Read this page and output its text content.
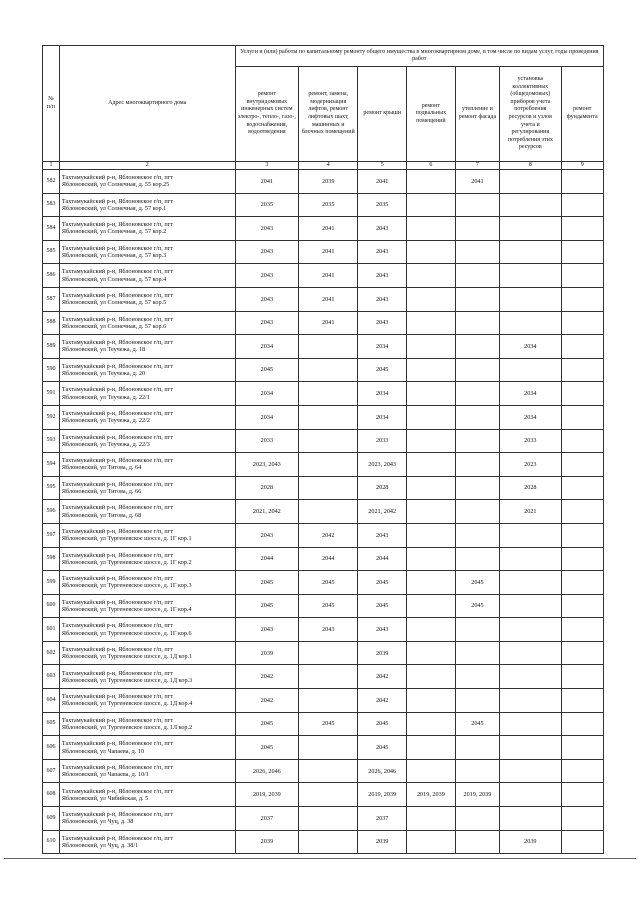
№ п/п	Адрес многоквартирного дома	Услуги и (или) работы по капитальному ремонту общего имущества в многоквартирном доме, в том числе по видам услуг, годы проведения работ						
		ремонт внутридомовых инженерных систем электро-, тепло-, газо-, водоснабжения, водоотведения	ремонт, замена, модернизация лифтов, ремонт лифтовых шахт, машинных и блочных помещений	ремонт крыши	ремонт подвальных помещений	утепление и ремонт фасада	установка коллективных (общедомовых) приборов учета потребления ресурсов и узлов учета и регулирования потребления этих ресурсов	ремонт фундамента
1	2	3	4	5	6	7	8	9
582	Тахтамукайский р-н, Яблоновское г/п, пгт
Яблоновский, ул Солнечная, д. 55 кор.25	2041	2039	2041		2041		
583	Тахтамукайский р-н, Яблоновское г/п, пгт
Яблоновский, ул Солнечная, д. 57 кор.1	2035	2035	2035				
584	Тахтамукайский р-н, Яблоновское г/п, пгт
Яблоновский, ул Солнечная, д. 57 кор.2	2043	2041	2043				
585	Тахтамукайский р-н, Яблоновское г/п, пгт
Яблоновский, ул Солнечная, д. 57 кор.3	2043	2041	2043				
586	Тахтамукайский р-н, Яблоновское г/п, пгт
Яблоновский, ул Солнечная, д. 57 кор.4	2043	2041	2043				
587	Тахтамукайский р-н, Яблоновское г/п, пгт
Яблоновский, ул Солнечная, д. 57 кор.5	2043	2041	2043				
588	Тахтамукайский р-н, Яблоновское г/п, пгт
Яблоновский, ул Солнечная, д. 57 кор.6	2043	2041	2043				
589	Тахтамукайский р-н, Яблоновское г/п, пгт
Яблоновский, ул Теучежа, д. 18	2034		2034			2034	
590	Тахтамукайский р-н, Яблоновское г/п, пгт
Яблоновский, ул Теучежа, д. 20	2045		2045				
591	Тахтамукайский р-н, Яблоновское г/п, пгт
Яблоновский, ул Теучежа, д. 22/1	2034		2034			2034	
592	Тахтамукайский р-н, Яблоновское г/п, пгт
Яблоновский, ул Теучежа, д. 22/2	2034		2034			2034	
593	Тахтамукайский р-н, Яблоновское г/п, пгт
Яблоновский, ул Теучежа, д. 22/3	2033		2033			2033	
594	Тахтамукайский р-н, Яблоновское г/п, пгт
Яблоновский, ул Титова, д. 64	2023, 2043		2023, 2043			2023	
595	Тахтамукайский р-н, Яблоновское г/п, пгт
Яблоновский, ул Титова, д. 66	2028		2028			2028	
596	Тахтамукайский р-н, Яблоновское г/п, пгт
Яблоновский, ул Титова, д. 68	2021, 2042		2021, 2042			2021	
597	Тахтамукайский р-н, Яблоновское г/п, пгт
Яблоновский, ул Тургеневское шоссе, д. 1Г кор.1	2043	2042	2043				
598	Тахтамукайский р-н, Яблоновское г/п, пгт
Яблоновский, ул Тургеневское шоссе, д. 1Г кор.2	2044	2044	2044				
599	Тахтамукайский р-н, Яблоновское г/п, пгт
Яблоновский, ул Тургеневское шоссе, д. 1Г кор.3	2045	2045	2045		2045		
600	Тахтамукайский р-н, Яблоновское г/п, пгт
Яблоновский, ул Тургеневское шоссе, д. 1Г кор.4	2045	2045	2045		2045		
601	Тахтамукайский р-н, Яблоновское г/п, пгт
Яблоновский, ул Тургеневское шоссе, д. 1Г кор.6	2043	2043	2043				
602	Тахтамукайский р-н, Яблоновское г/п, пгт
Яблоновский, ул Тургеневское шоссе, д. 1Д кор.1	2039		2039				
603	Тахтамукайский р-н, Яблоновское г/п, пгт
Яблоновский, ул Тургеневское шоссе, д. 1Д кор.3	2042		2042				
604	Тахтамукайский р-н, Яблоновское г/п, пгт
Яблоновский, ул Тургеневское шоссе, д. 1Д кор.4	2042		2042				
605	Тахтамукайский р-н, Яблоновское г/п, пгт
Яблоновский, ул Тургеневское шоссе, д. 1Л кор.2	2045	2045	2045		2045		
606	Тахтамукайский р-н, Яблоновское г/п, пгт
Яблоновский, ул Чапаева, д. 10	2045		2045				
607	Тахтамукайский р-н, Яблоновское г/п, пгт
Яблоновский, ул Чапаева, д. 10/1	2026, 2046		2026, 2046				
608	Тахтамукайский р-н, Яблоновское г/п, пгт
Яблоновский, ул Чибийская, д. 5	2019, 2039		2019, 2039	2019, 2039	2019, 2039		
609	Тахтамукайский р-н, Яблоновское г/п, пгт
Яблоновский, ул Чуц, д. 38	2037		2037				
610	Тахтамукайский р-н, Яблоновское г/п, пгт
Яблоновский, ул Чуц, д. 38/1	2039		2039			2039	
